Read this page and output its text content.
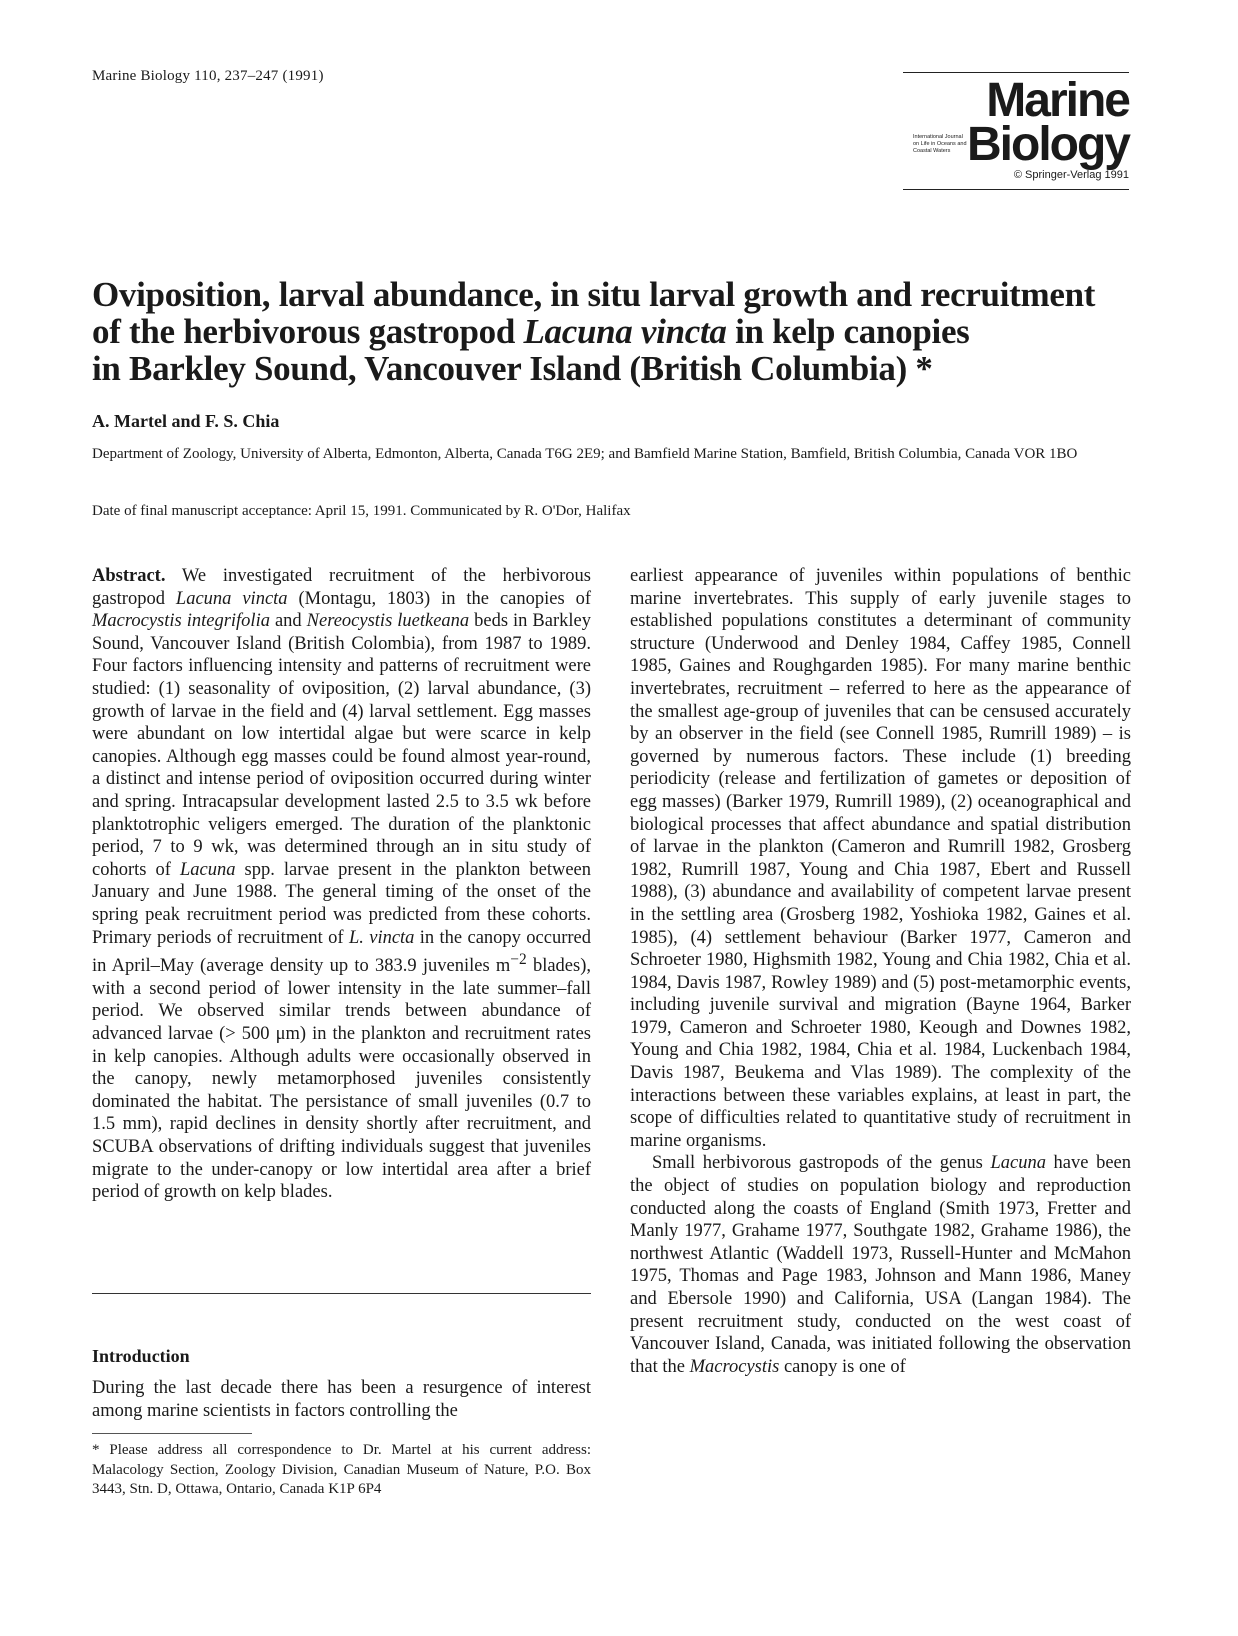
Marine Biology 110, 237–247 (1991)	Marine
International Journal on Life in Oceans and Coastal Waters Biology
© Springer-Verlag 1991
Oviposition, larval abundance, in situ larval growth and recruitment
of the herbivorous gastropod Lacuna vincta in kelp canopies
in Barkley Sound, Vancouver Island (British Columbia) *
A. Martel and F. S. Chia
Department of Zoology, University of Alberta, Edmonton, Alberta, Canada T6G 2E9; and Bamfield Marine Station, Bamfield, British Columbia, Canada VOR 1BO
Date of final manuscript acceptance: April 15, 1991. Communicated by R. O'Dor, Halifax

Abstract. We investigated recruitment of the herbivorous gastropod Lacuna vincta (Montagu, 1803) in the canopies of Macrocystis integrifolia and Nereocystis luetkeana beds in Barkley Sound, Vancouver Island (British Colombia), from 1987 to 1989. Four factors influencing intensity and patterns of recruitment were studied: (1) seasonality of oviposition, (2) larval abundance, (3) growth of larvae in the field and (4) larval settlement. Egg masses were abundant on low intertidal algae but were scarce in kelp canopies. Although egg masses could be found almost year-round, a distinct and intense period of oviposition occurred during winter and spring. Intracapsular development lasted 2.5 to 3.5 wk before planktotrophic veligers emerged. The duration of the planktonic period, 7 to 9 wk, was determined through an in situ study of cohorts of Lacuna spp. larvae present in the plankton between January and June 1988. The general timing of the onset of the spring peak recruitment period was predicted from these cohorts. Primary periods of recruitment of L. vincta in the canopy occurred in April–May (average density up to 383.9 juveniles $m^{-2}$ blades), with a second period of lower intensity in the late summer–fall period. We observed similar trends between abundance of advanced larvae (> 500 μm) in the plankton and recruitment rates in kelp canopies. Although adults were occasionally observed in the canopy, newly metamorphosed juveniles consistently dominated the habitat. The persistance of small juveniles (0.7 to 1.5 mm), rapid declines in density shortly after recruitment, and SCUBA observations of drifting individuals suggest that juveniles migrate to the under-canopy or low intertidal area after a brief period of growth on kelp blades.

Introduction
During the last decade there has been a resurgence of interest among marine scientists in factors controlling the
* Please address all correspondence to Dr. Martel at his current address: Malacology Section, Zoology Division, Canadian Museum of Nature, P.O. Box 3443, Stn. D, Ottawa, Ontario, Canada K1P 6P4

earliest appearance of juveniles within populations of benthic marine invertebrates. This supply of early juvenile stages to established populations constitutes a determinant of community structure (Underwood and Denley 1984, Caffey 1985, Connell 1985, Gaines and Roughgarden 1985). For many marine benthic invertebrates, recruitment – referred to here as the appearance of the smallest age-group of juveniles that can be censused accurately by an observer in the field (see Connell 1985, Rumrill 1989) – is governed by numerous factors. These include (1) breeding periodicity (release and fertilization of gametes or deposition of egg masses) (Barker 1979, Rumrill 1989), (2) oceanographical and biological processes that affect abundance and spatial distribution of larvae in the plankton (Cameron and Rumrill 1982, Grosberg 1982, Rumrill 1987, Young and Chia 1987, Ebert and Russell 1988), (3) abundance and availability of competent larvae present in the settling area (Grosberg 1982, Yoshioka 1982, Gaines et al. 1985), (4) settlement behaviour (Barker 1977, Cameron and Schroeter 1980, Highsmith 1982, Young and Chia 1982, Chia et al. 1984, Davis 1987, Rowley 1989) and (5) post-metamorphic events, including juvenile survival and migration (Bayne 1964, Barker 1979, Cameron and Schroeter 1980, Keough and Downes 1982, Young and Chia 1982, 1984, Chia et al. 1984, Luckenbach 1984, Davis 1987, Beukema and Vlas 1989). The complexity of the interactions between these variables explains, at least in part, the scope of difficulties related to quantitative study of recruitment in marine organisms.

Small herbivorous gastropods of the genus Lacuna have been the object of studies on population biology and reproduction conducted along the coasts of England (Smith 1973, Fretter and Manly 1977, Grahame 1977, Southgate 1982, Grahame 1986), the northwest Atlantic (Waddell 1973, Russell-Hunter and McMahon 1975, Thomas and Page 1983, Johnson and Mann 1986, Maney and Ebersole 1990) and California, USA (Langan 1984). The present recruitment study, conducted on the west coast of Vancouver Island, Canada, was initiated following the observation that the Macrocystis canopy is one of
